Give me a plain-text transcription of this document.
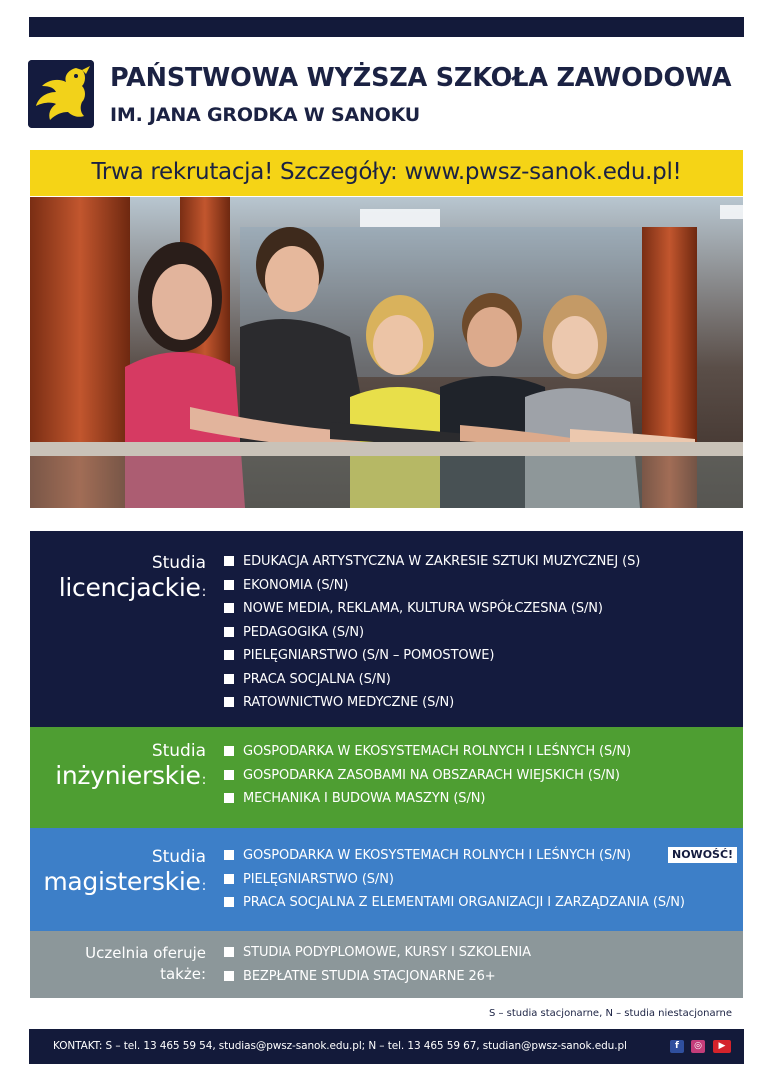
PAŃSTWOWA WYŻSZA SZKOŁA ZAWODOWA
IM. JANA GRODKA W SANOKU
Trwa rekrutacja! Szczegóły: www.pwsz-sanok.edu.pl!
Studia
licencjackie:
EDUKACJA ARTYSTYCZNA W ZAKRESIE SZTUKI MUZYCZNEJ (S)
EKONOMIA (S/N)
NOWE MEDIA, REKLAMA, KULTURA WSPÓŁCZESNA (S/N)
PEDAGOGIKA (S/N)
PIELĘGNIARSTWO (S/N – POMOSTOWE)
PRACA SOCJALNA (S/N)
RATOWNICTWO MEDYCZNE (S/N)
Studia
inżynierskie:
GOSPODARKA W EKOSYSTEMACH ROLNYCH I LEŚNYCH (S/N)
GOSPODARKA ZASOBAMI NA OBSZARACH WIEJSKICH (S/N)
MECHANIKA I BUDOWA MASZYN (S/N)
Studia
magisterskie:
GOSPODARKA W EKOSYSTEMACH ROLNYCH I LEŚNYCH (S/N)
PIELĘGNIARSTWO (S/N)
PRACA SOCJALNA Z ELEMENTAMI ORGANIZACJI I ZARZĄDZANIA (S/N)
NOWOŚĆ!
Uczelnia oferuje
także:
STUDIA PODYPLOMOWE, KURSY I SZKOLENIA
BEZPŁATNE STUDIA STACJONARNE 26+
S – studia stacjonarne, N – studia niestacjonarne
KONTAKT: S – tel. 13 465 59 54, studias@pwsz-sanok.edu.pl; N – tel. 13 465 59 67, studian@pwsz-sanok.edu.pl	f	◎	▶
